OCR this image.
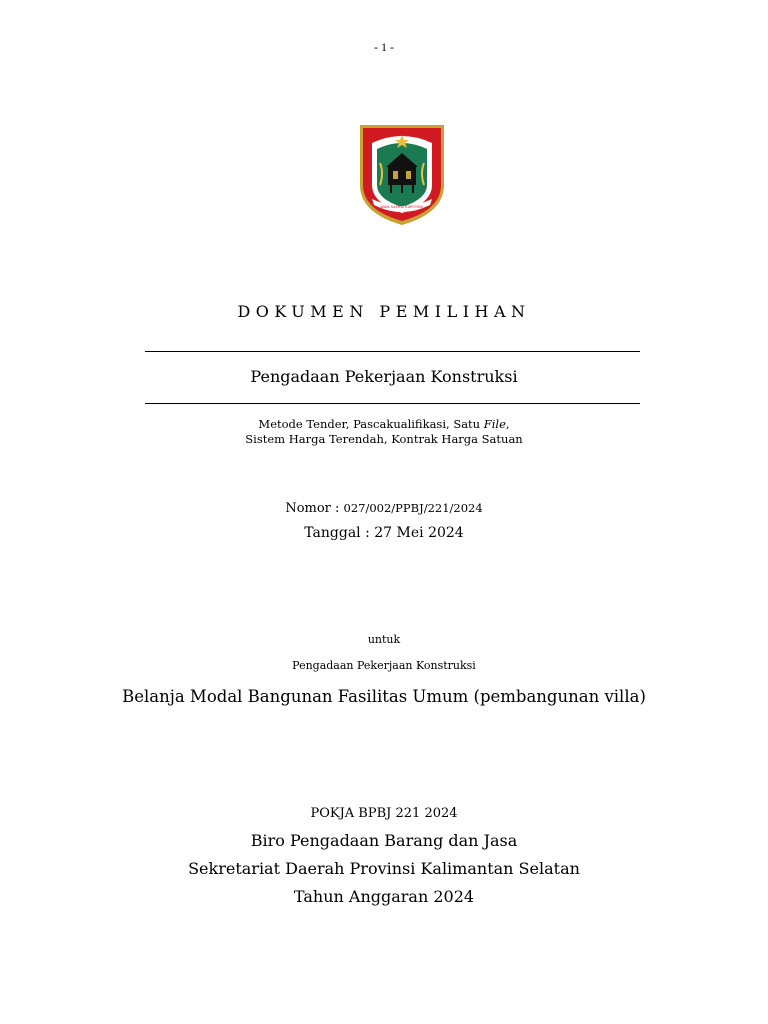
- 1 -
WAJA SAMPAI KAPUTING
DOKUMEN PEMILIHAN
Pengadaan Pekerjaan Konstruksi
Metode Tender, Pascakualifikasi, Satu File,
Sistem Harga Terendah, Kontrak Harga Satuan
Nomor : 027/002/PPBJ/221/2024
Tanggal : 27 Mei 2024
untuk
Pengadaan Pekerjaan Konstruksi
Belanja Modal Bangunan Fasilitas Umum (pembangunan villa)
POKJA BPBJ 221 2024
Biro Pengadaan Barang dan Jasa
Sekretariat Daerah Provinsi Kalimantan Selatan
Tahun Anggaran 2024
